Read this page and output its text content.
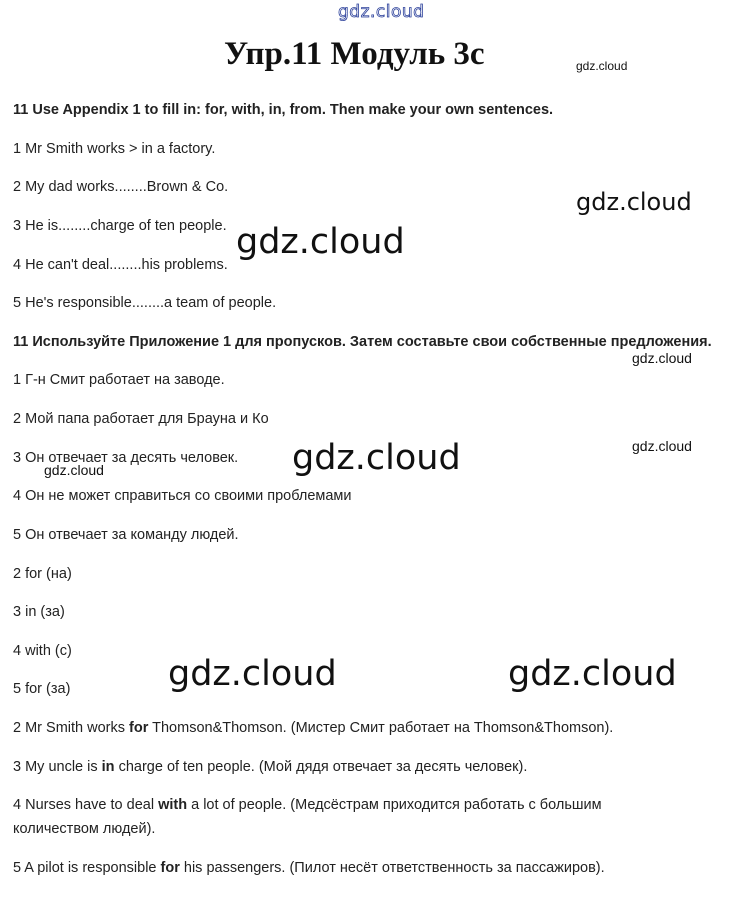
gdz.cloud
Упр.11 Модуль 3c	gdz.cloud
11 Use Appendix 1 to fill in: for, with, in, from. Then make your own sentences.
1 Mr Smith works > in a factory.
2 My dad works........Brown & Co.
gdz.cloud
3 He is........charge of ten people. gdz.cloud
4 He can't deal........his problems.
5 He's responsible........a team of people.
11 Используйте Приложение 1 для пропусков. Затем составьте свои собственные предложения.
gdz.cloud
1 Г-н Смит работает на заводе.
2 Мой папа работает для Брауна и Ко
gdz.cloud
3 Он отвечает за десять человек. gdz.cloud
gdz.cloud
4 Он не может справиться со своими проблемами
5 Он отвечает за команду людей.
2 for (на)
3 in (за)
4 with (с)
gdz.cloud	gdz.cloud
5 for (за)
2 Mr Smith works for Thomson&Thomson. (Мистер Смит работает на Thomson&Thomson).
3 My uncle is in charge of ten people. (Мой дядя отвечает за десять человек).
4 Nurses have to deal with a lot of people. (Медсёстрам приходится работать с большим количеством людей).
5 A pilot is responsible for his passengers. (Пилот несёт ответственность за пассажиров).
